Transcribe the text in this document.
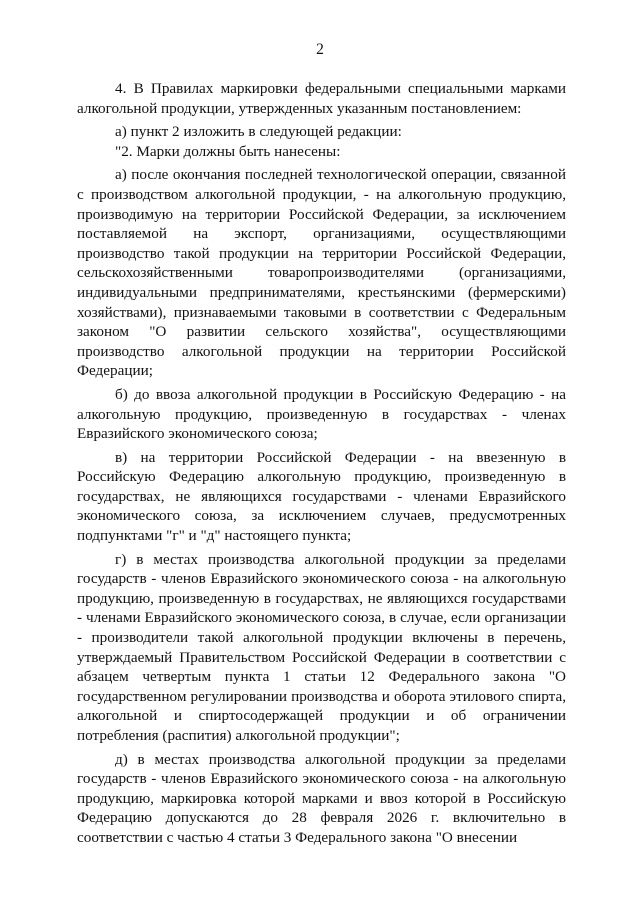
2

4. В Правилах маркировки федеральными специальными марками алкогольной продукции, утвержденных указанным постановлением:

а) пункт 2 изложить в следующей редакции:

"2. Марки должны быть нанесены:

а) после окончания последней технологической операции, связанной с производством алкогольной продукции, - на алкогольную продукцию, производимую на территории Российской Федерации, за исключением поставляемой на экспорт, организациями, осуществляющими производство такой продукции на территории Российской Федерации, сельскохозяйственными товаропроизводителями (организациями, индивидуальными предпринимателями, крестьянскими (фермерскими) хозяйствами), признаваемыми таковыми в соответствии с Федеральным законом "О развитии сельского хозяйства", осуществляющими производство алкогольной продукции на территории Российской Федерации;

б) до ввоза алкогольной продукции в Российскую Федерацию - на алкогольную продукцию, произведенную в государствах - членах Евразийского экономического союза;

в) на территории Российской Федерации - на ввезенную в Российскую Федерацию алкогольную продукцию, произведенную в государствах, не являющихся государствами - членами Евразийского экономического союза, за исключением случаев, предусмотренных подпунктами "г" и "д" настоящего пункта;

г) в местах производства алкогольной продукции за пределами государств - членов Евразийского экономического союза - на алкогольную продукцию, произведенную в государствах, не являющихся государствами - членами Евразийского экономического союза, в случае, если организации - производители такой алкогольной продукции включены в перечень, утверждаемый Правительством Российской Федерации в соответствии с абзацем четвертым пункта 1 статьи 12 Федерального закона "О государственном регулировании производства и оборота этилового спирта, алкогольной и спиртосодержащей продукции и об ограничении потребления (распития) алкогольной продукции";

д) в местах производства алкогольной продукции за пределами государств - членов Евразийского экономического союза - на алкогольную продукцию, маркировка которой марками и ввоз которой в Российскую Федерацию допускаются до 28 февраля 2026 г. включительно в соответствии с частью 4 статьи 3 Федерального закона "О внесении
